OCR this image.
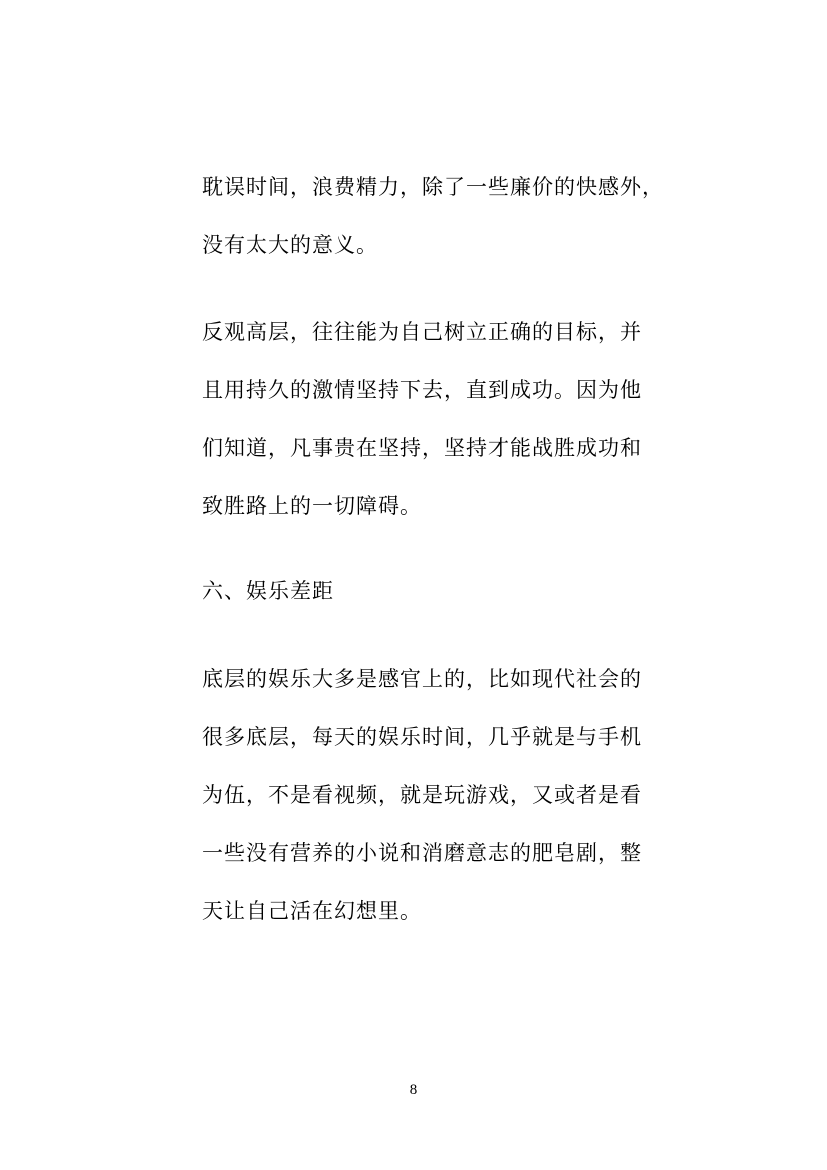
耽误时间，浪费精力，除了一些廉价的快感外，
没有太大的意义。
反观高层，往往能为自己树立正确的目标，并
且用持久的激情坚持下去，直到成功。因为他
们知道，凡事贵在坚持，坚持才能战胜成功和
致胜路上的一切障碍。
六、娱乐差距
底层的娱乐大多是感官上的，比如现代社会的
很多底层，每天的娱乐时间，几乎就是与手机
为伍，不是看视频，就是玩游戏，又或者是看
一些没有营养的小说和消磨意志的肥皂剧，整
天让自己活在幻想里。
8
